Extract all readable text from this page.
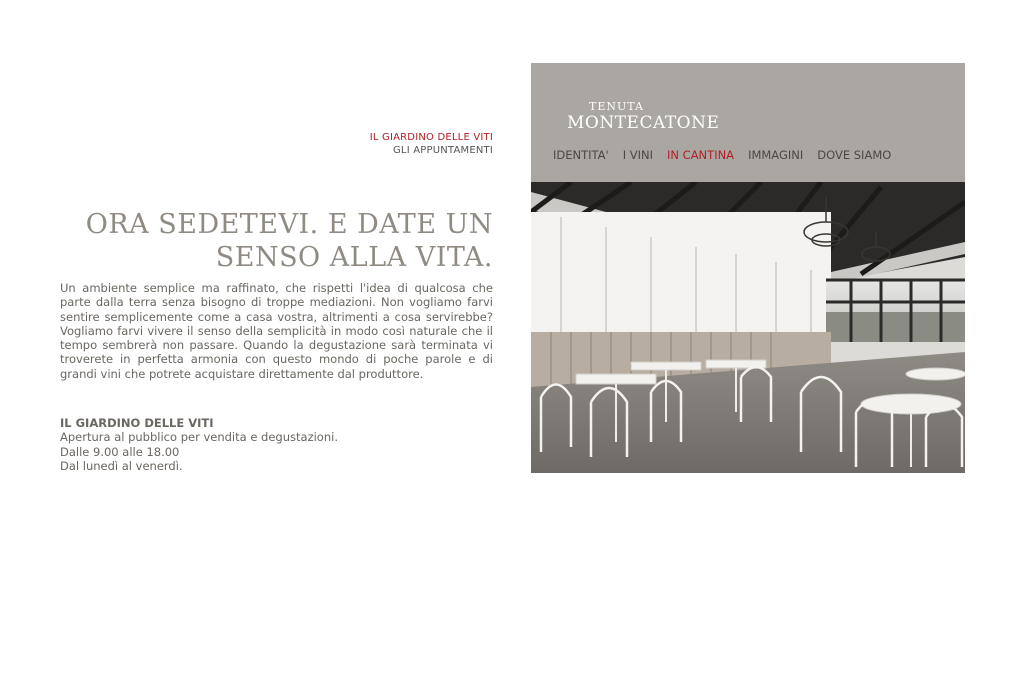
IL GIARDINO DELLE VITI
GLI APPUNTAMENTI
ORA SEDETEVI. E DATE UN
SENSO ALLA VITA.
Un ambiente semplice ma raffinato, che rispetti l'idea di qualcosa che parte dalla terra senza bisogno di troppe mediazioni. Non vogliamo farvi sentire semplicemente come a casa vostra, altrimenti a cosa servirebbe? Vogliamo farvi vivere il senso della semplicità in modo così naturale che il tempo sembrerà non passare. Quando la degustazione sarà terminata vi troverete in perfetta armonia con questo mondo di poche parole e di grandi vini che potrete acquistare direttamente dal produttore.
IL GIARDINO DELLE VITI
Apertura al pubblico per vendita e degustazioni.
Dalle 9.00 alle 18.00
Dal lunedì al venerdì.
TENUTA
MONTECATONE
IDENTITA' I VINI IN CANTINA IMMAGINI DOVE SIAMO
